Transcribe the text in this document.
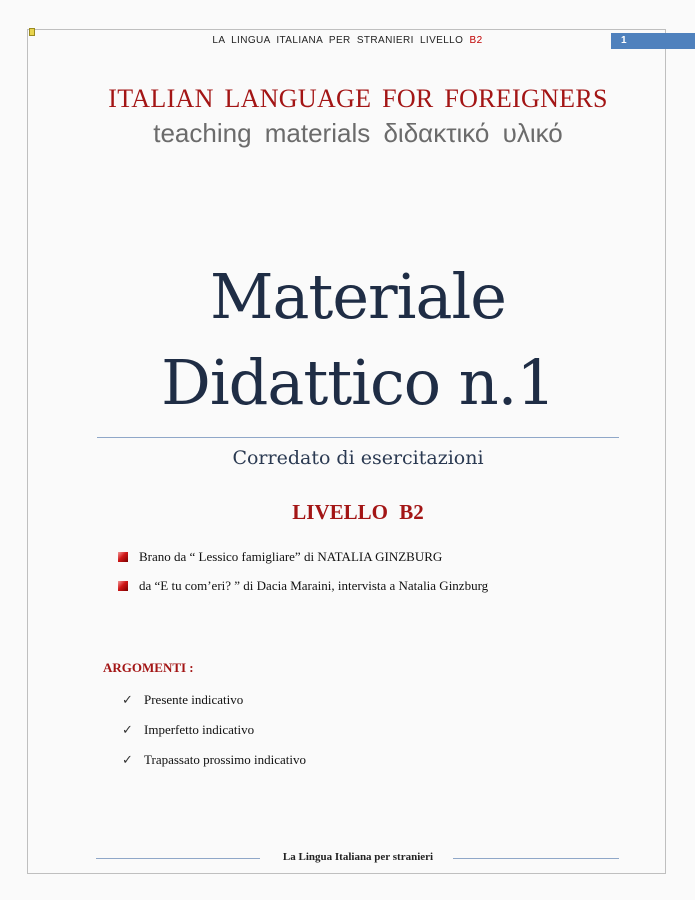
LA LINGUA ITALIANA PER STRANIERI LIVELLO B2	1
ITALIAN LANGUAGE FOR FOREIGNERS
teaching materials διδακτικό υλικό
Materiale
Didattico n.1
Corredato di esercitazioni
LIVELLO B2
Brano da “ Lessico famigliare” di NATALIA GINZBURG
da “E tu com’eri? ” di Dacia Maraini, intervista a Natalia Ginzburg
ARGOMENTI :
✓ Presente indicativo
✓ Imperfetto indicativo
✓ Trapassato prossimo indicativo
La Lingua Italiana per stranieri
